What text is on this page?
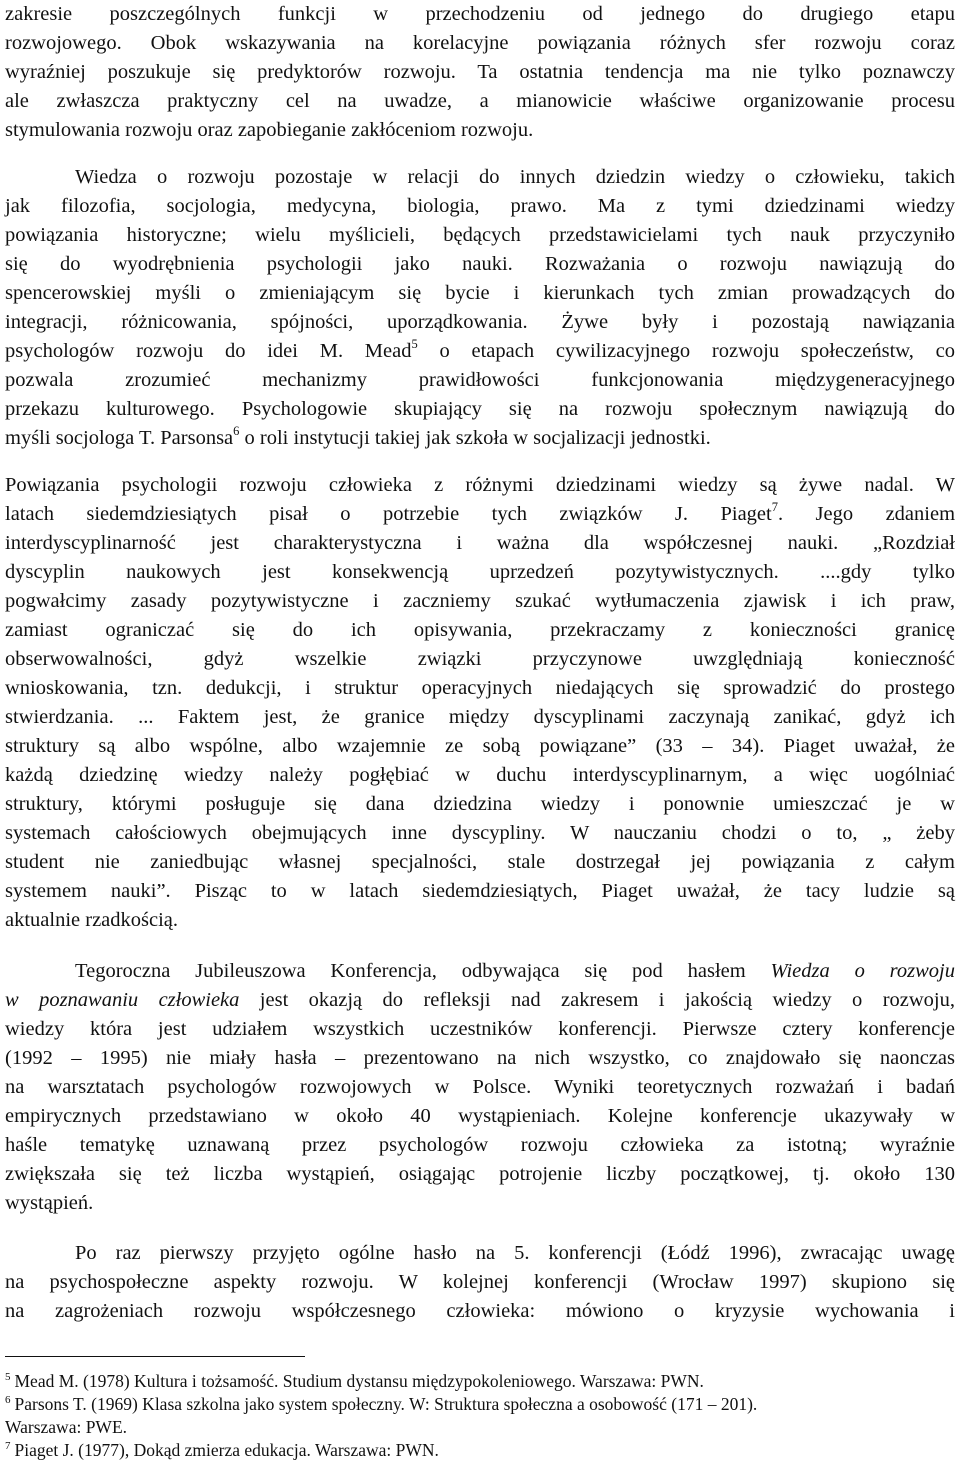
zakresie poszczególnych funkcji w przechodzeniu od jednego do drugiego etapu

rozwojowego. Obok wskazywania na korelacyjne powiązania różnych sfer rozwoju coraz

wyraźniej poszukuje się predyktorów rozwoju. Ta ostatnia tendencja ma nie tylko poznawczy

ale zwłaszcza praktyczny cel na uwadze, a mianowicie właściwe organizowanie procesu

stymulowania rozwoju oraz zapobieganie zakłóceniom rozwoju.

Wiedza o rozwoju pozostaje w relacji do innych dziedzin wiedzy o człowieku, takich

jak filozofia, socjologia, medycyna, biologia, prawo. Ma z tymi dziedzinami wiedzy

powiązania historyczne; wielu myślicieli, będących przedstawicielami tych nauk przyczyniło

się do wyodrębnienia psychologii jako nauki. Rozważania o rozwoju nawiązują do

spencerowskiej myśli o zmieniającym się bycie i kierunkach tych zmian prowadzących do

integracji, różnicowania, spójności, uporządkowania. Żywe były i pozostają nawiązania

psychologów rozwoju do idei M. Mead$^5$ o etapach cywilizacyjnego rozwoju społeczeństw, co

pozwala zrozumieć mechanizmy prawidłowości funkcjonowania międzygeneracyjnego

przekazu kulturowego. Psychologowie skupiający się na rozwoju społecznym nawiązują do

myśli socjologa T. Parsonsa$^6$ o roli instytucji takiej jak szkoła w socjalizacji jednostki.

Powiązania psychologii rozwoju człowieka z różnymi dziedzinami wiedzy są żywe nadal. W

latach siedemdziesiątych pisał o potrzebie tych związków J. Piaget$^7$. Jego zdaniem

interdyscyplinarność jest charakterystyczna i ważna dla współczesnej nauki. „Rozdział

dyscyplin naukowych jest konsekwencją uprzedzeń pozytywistycznych. ....gdy tylko

pogwałcimy zasady pozytywistyczne i zaczniemy szukać wytłumaczenia zjawisk i ich praw,

zamiast ograniczać się do ich opisywania, przekraczamy z konieczności granicę

obserwowalności, gdyż wszelkie związki przyczynowe uwzględniają konieczność

wnioskowania, tzn. dedukcji, i struktur operacyjnych niedających się sprowadzić do prostego

stwierdzania. ... Faktem jest, że granice między dyscyplinami zaczynają zanikać, gdyż ich

struktury są albo wspólne, albo wzajemnie ze sobą powiązane” (33 – 34). Piaget uważał, że

każdą dziedzinę wiedzy należy pogłębiać w duchu interdyscyplinarnym, a więc uogólniać

struktury, którymi posługuje się dana dziedzina wiedzy i ponownie umieszczać je w

systemach całościowych obejmujących inne dyscypliny. W nauczaniu chodzi o to, „ żeby

student nie zaniedbując własnej specjalności, stale dostrzegał jej powiązania z całym

systemem nauki”. Pisząc to w latach siedemdziesiątych, Piaget uważał, że tacy ludzie są

aktualnie rzadkością.

Tegoroczna Jubileuszowa Konferencja, odbywająca się pod hasłem Wiedza o rozwoju

w poznawaniu człowieka jest okazją do refleksji nad zakresem i jakością wiedzy o rozwoju,

wiedzy która jest udziałem wszystkich uczestników konferencji. Pierwsze cztery konferencje

(1992 – 1995) nie miały hasła – prezentowano na nich wszystko, co znajdowało się naoncz​as

na warsztatach psychologów rozwojowych w Polsce. Wyniki teoretycznych rozważań i badań

empirycznych przedstawiano w około 40 wystąpieniach. Kolejne konferencje ukazywały w

haśle tematykę uznawaną przez psychologów rozwoju człowieka za istotną; wyraźnie

zwiększała się też liczba wystąpień, osiągając potrojenie liczby początkowej, tj. około 130

wystąpień.

Po raz pierwszy przyjęto ogólne hasło na 5. konferencji (Łódź 1996), zwracając uwagę

na psychospołeczne aspekty rozwoju. W kolejnej konferencji (Wrocław 1997) skupiono się

na zagrożeniach rozwoju współczesnego człowieka: mówiono o kryzysie wychowania i

$^5$ Mead M. (1978) Kultura i tożsamość. Studium dystansu międzypokoleniowego. Warszawa: PWN.

$^6$ Parsons T. (1969) Klasa szkolna jako system społeczny. W: Struktura społeczna a osobowość (171 – 201).

Warszawa: PWE.

$^7$ Piaget J. (1977), Dokąd zmierza edukacja. Warszawa: PWN.
